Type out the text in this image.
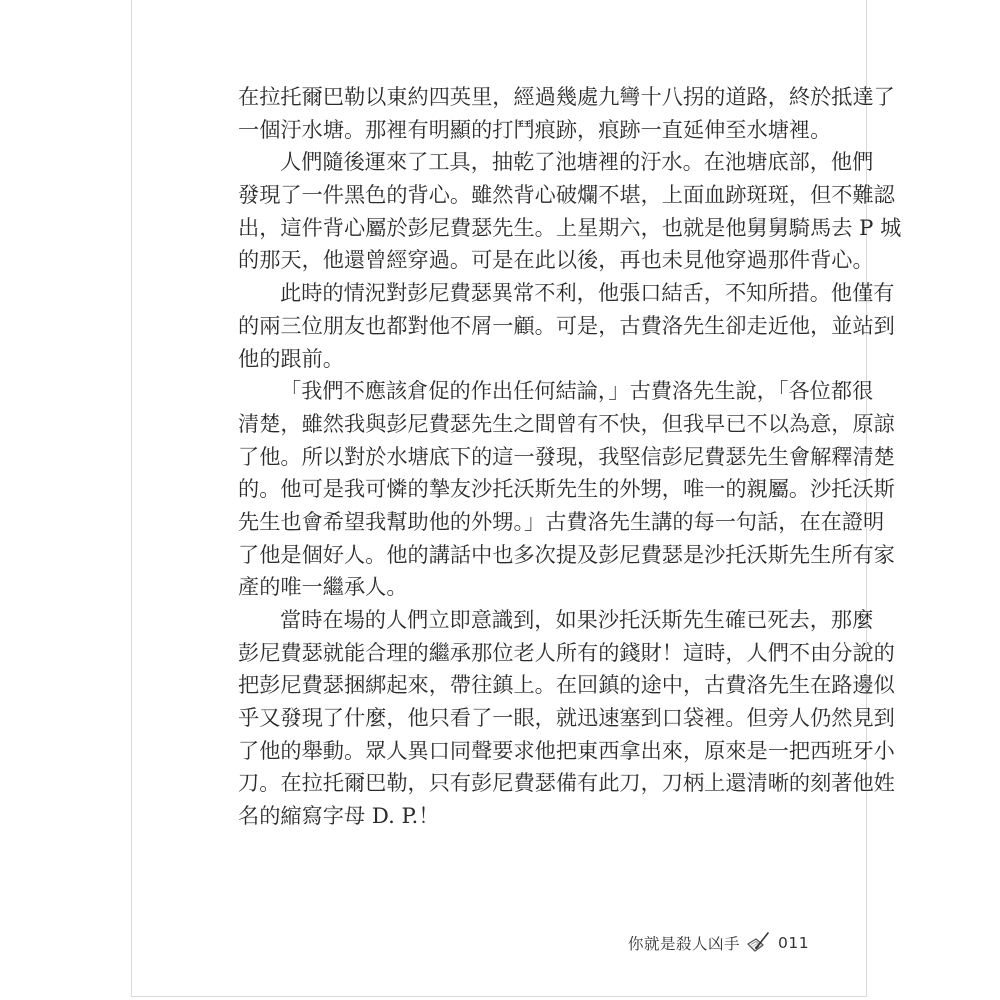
在拉托爾巴勒以東約四英里，經過幾處九彎十八拐的道路，終於抵達了
一個汙水塘。那裡有明顯的打鬥痕跡，痕跡一直延伸至水塘裡。
人們隨後運來了工具，抽乾了池塘裡的汙水。在池塘底部，他們
發現了一件黑色的背心。雖然背心破爛不堪，上面血跡斑斑，但不難認
出，這件背心屬於彭尼費瑟先生。上星期六，也就是他舅舅騎馬去 P 城
的那天，他還曾經穿過。可是在此以後，再也未見他穿過那件背心。
此時的情況對彭尼費瑟異常不利，他張口結舌，不知所措。他僅有
的兩三位朋友也都對他不屑一顧。可是，古費洛先生卻走近他，並站到
他的跟前。
「我們不應該倉促的作出任何結論，」古費洛先生說，「各位都很
清楚，雖然我與彭尼費瑟先生之間曾有不快，但我早已不以為意，原諒
了他。所以對於水塘底下的這一發現，我堅信彭尼費瑟先生會解釋清楚
的。他可是我可憐的摯友沙托沃斯先生的外甥，唯一的親屬。沙托沃斯
先生也會希望我幫助他的外甥。」古費洛先生講的每一句話，在在證明
了他是個好人。他的講話中也多次提及彭尼費瑟是沙托沃斯先生所有家
產的唯一繼承人。
當時在場的人們立即意識到，如果沙托沃斯先生確已死去，那麼
彭尼費瑟就能合理的繼承那位老人所有的錢財！這時，人們不由分說的
把彭尼費瑟捆綁起來，帶往鎮上。在回鎮的途中，古費洛先生在路邊似
乎又發現了什麼，他只看了一眼，就迅速塞到口袋裡。但旁人仍然見到
了他的舉動。眾人異口同聲要求他把東西拿出來，原來是一把西班牙小
刀。在拉托爾巴勒，只有彭尼費瑟備有此刀，刀柄上還清晰的刻著他姓
名的縮寫字母 D. P.！
你就是殺人凶手 011
